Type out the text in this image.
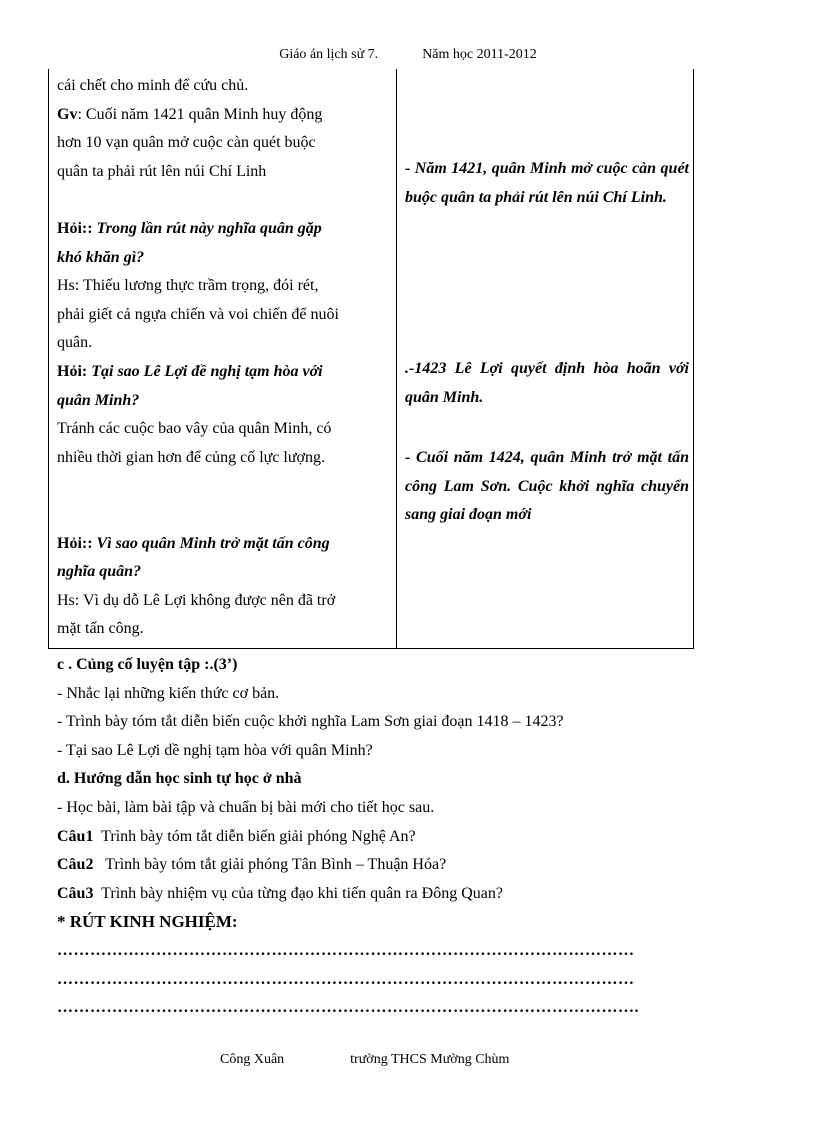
Giáo án lịch sử 7.	Năm học 2011-2012

cái chết cho minh để cứu chủ.

Gv: Cuối năm 1421 quân Minh huy động

hơn 10 vạn quân mở cuộc càn quét buộc

quân ta phải rút lên núi Chí Linh

Hỏi:: Trong lần rút này nghĩa quân gặp

khó khăn gì?

Hs: Thiếu lương thực trầm trọng, đói rét,

phải giết cả ngựa chiến và voi chiến để nuôi

quân.

Hỏi: Tại sao Lê Lợi đề nghị tạm hòa với

quân Minh?

Tránh các cuộc bao vây của quân Minh, có

nhiều thời gian hơn để củng cố lực lượng.

Hỏi:: Vì sao quân Minh trở mặt tấn công

nghĩa quân?

Hs: Vì dụ dỗ Lê Lợi không được nên đã trở

mặt tấn công.

- Năm 1421, quân Minh mở cuộc càn quét buộc quân ta phải rút lên núi Chí Linh.

.-1423 Lê Lợi quyết định hòa hoãn với quân Minh.

- Cuối năm 1424, quân Minh trở mặt tấn công Lam Sơn. Cuộc khởi nghĩa chuyển sang giai đoạn mới

c . Củng cố luyện tập :.(3’)

- Nhắc lại những kiến thức cơ bản.

- Trình bày tóm tắt diễn biến cuộc khởi nghĩa Lam Sơn giai đoạn 1418 – 1423?

- Tại sao Lê Lợi dề nghị tạm hòa với quân Minh?

d. Hướng dẫn học sinh tự học ở nhà

- Học bài, làm bài tập và chuẩn bị bài mới cho tiết học sau.

Câu1 Trình bày tóm tắt diễn biến giải phóng Nghệ An?

Câu2 Trình bày tóm tắt giải phóng Tân Bình – Thuận Hóa?

Câu3 Trình bày nhiệm vụ của từng đạo khi tiến quân ra Đông Quan?

* RÚT KINH NGHIỆM:

……………………………………………………………………………………………

……………………………………………………………………………………………

…………………………………………………………………………………………….

Công Xuân	trường THCS Mường Chùm
